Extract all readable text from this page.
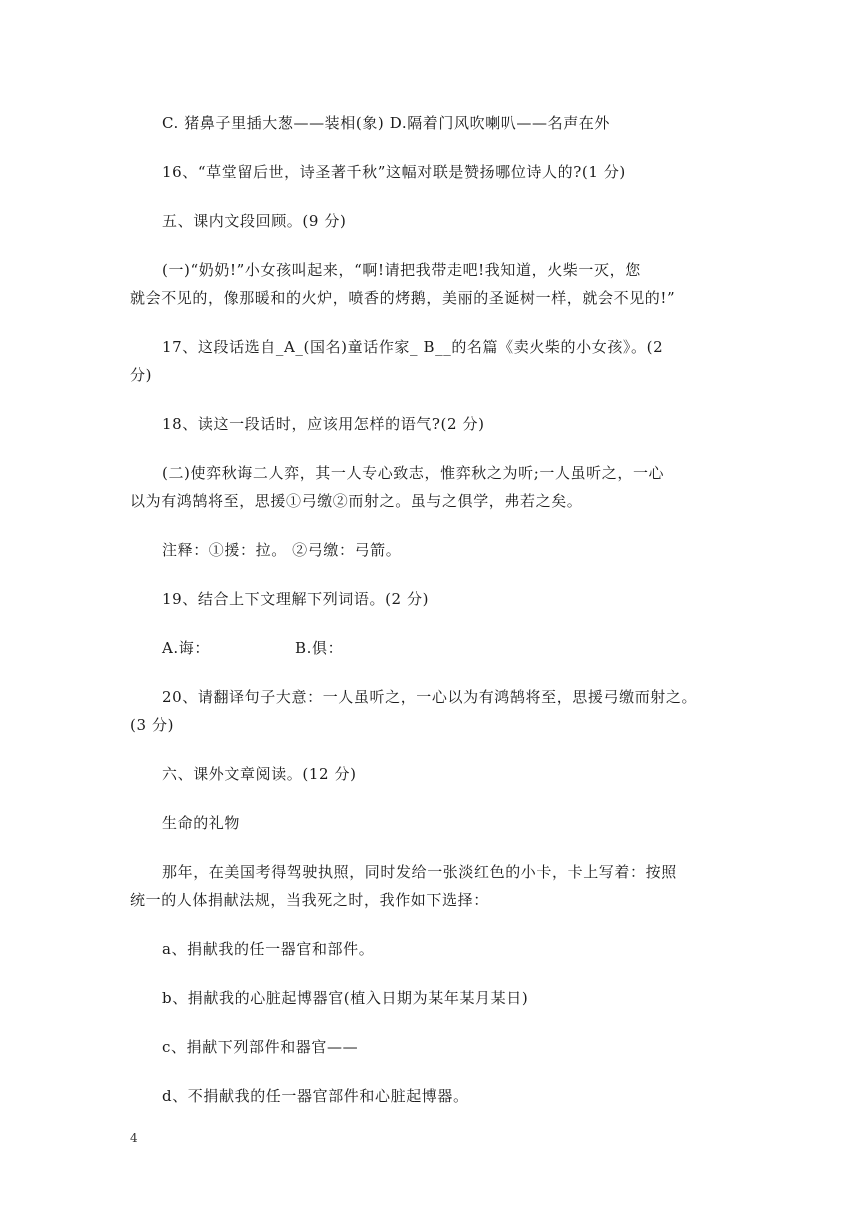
C. 猪鼻子里插大葱——装相(象) D.隔着门风吹喇叭——名声在外
16、“草堂留后世，诗圣著千秋”这幅对联是赞扬哪位诗人的?(1 分)
五、课内文段回顾。(9 分)
(一)“奶奶!”小女孩叫起来，“啊!请把我带走吧!我知道，火柴一灭，您
就会不见的，像那暖和的火炉，喷香的烤鹅，美丽的圣诞树一样，就会不见的!”
17、这段话选自_A_(国名)童话作家_ B__的名篇《卖火柴的小女孩》。(2
分)
18、读这一段话时，应该用怎样的语气?(2 分)
(二)使弈秋诲二人弈，其一人专心致志，惟弈秋之为听;一人虽听之，一心
以为有鸿鹄将至，思援①弓缴②而射之。虽与之俱学，弗若之矣。
注释：①援：拉。 ②弓缴：弓箭。
19、结合上下文理解下列词语。(2 分)
A.诲：	B.俱：
20、请翻译句子大意：一人虽听之，一心以为有鸿鹄将至，思援弓缴而射之。
(3 分)
六、课外文章阅读。(12 分)
生命的礼物
那年，在美国考得驾驶执照，同时发给一张淡红色的小卡，卡上写着：按照
统一的人体捐献法规，当我死之时，我作如下选择：
a、捐献我的任一器官和部件。
b、捐献我的心脏起博器官(植入日期为某年某月某日)
c、捐献下列部件和器官——
d、不捐献我的任一器官部件和心脏起博器。
4
